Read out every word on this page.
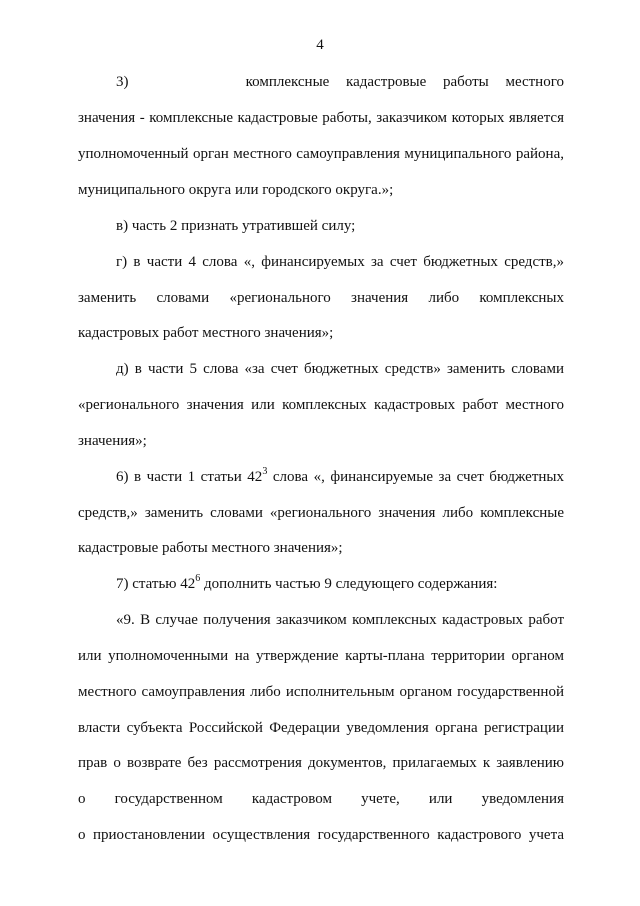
4
3)       комплексные кадастровые работы местного
значения - комплексные кадастровые работы, заказчиком которых является
уполномоченный орган местного самоуправления муниципального района,
муниципального округа или городского округа.»;
в) часть 2 признать утратившей силу;
г) в части 4 слова «, финансируемых за счет бюджетных средств,»
заменить словами «регионального значения либо комплексных
кадастровых работ местного значения»;
д) в части 5 слова «за счет бюджетных средств» заменить словами
«регионального значения или комплексных кадастровых работ местного
значения»;
6) в части 1 статьи $42^3$ слова «, финансируемые за счет бюджетных
средств,» заменить словами «регионального значения либо комплексные
кадастровые работы местного значения»;
7) статью $42^6$ дополнить частью 9 следующего содержания:
«9. В случае получения заказчиком комплексных кадастровых работ
или уполномоченными на утверждение карты-плана территории органом
местного самоуправления либо исполнительным органом государственной
власти субъекта Российской Федерации уведомления органа регистрации
прав о возврате без рассмотрения документов, прилагаемых к заявлению
о государственном кадастровом учете, или уведомления
о приостановлении осуществления государственного кадастрового учета
